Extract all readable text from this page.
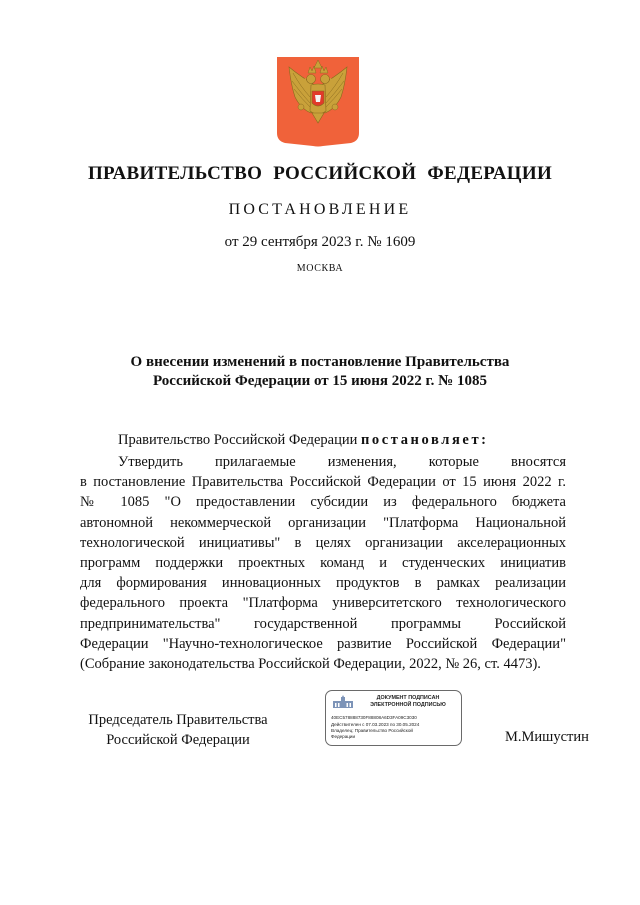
ПРАВИТЕЛЬСТВО РОССИЙСКОЙ ФЕДЕРАЦИИ
ПОСТАНОВЛЕНИЕ
от 29 сентября 2023 г. № 1609
МОСКВА
О внесении изменений в постановление Правительства
Российской Федерации от 15 июня 2022 г. № 1085
Правительство Российской Федерации постановляет:
Утвердить прилагаемые изменения, которые вносятся
в постановление Правительства Российской Федерации от 15 июня 2022 г.
№ 1085 "О предоставлении субсидии из федерального бюджета
автономной некоммерческой организации "Платформа Национальной
технологической инициативы" в целях организации акселерационных
программ поддержки проектных команд и студенческих инициатив
для формирования инновационных продуктов в рамках реализации
федерального проекта "Платформа университетского технологического
предпринимательства" государственной программы Российской
Федерации "Научно-технологическое развитие Российской Федерации"
(Собрание законодательства Российской Федерации, 2022, № 26, ст. 4473).
Председатель Правительства
Российской Федерации
ДОКУМЕНТ ПОДПИСАН
ЭЛЕКТРОННОЙ ПОДПИСЬЮ
40EC578888730F88808A6D3FA09C3030
Действителен с 07.03.2023 по 30.05.2024
Владелец: Правительство Российской
Федерации	М.Мишустин
